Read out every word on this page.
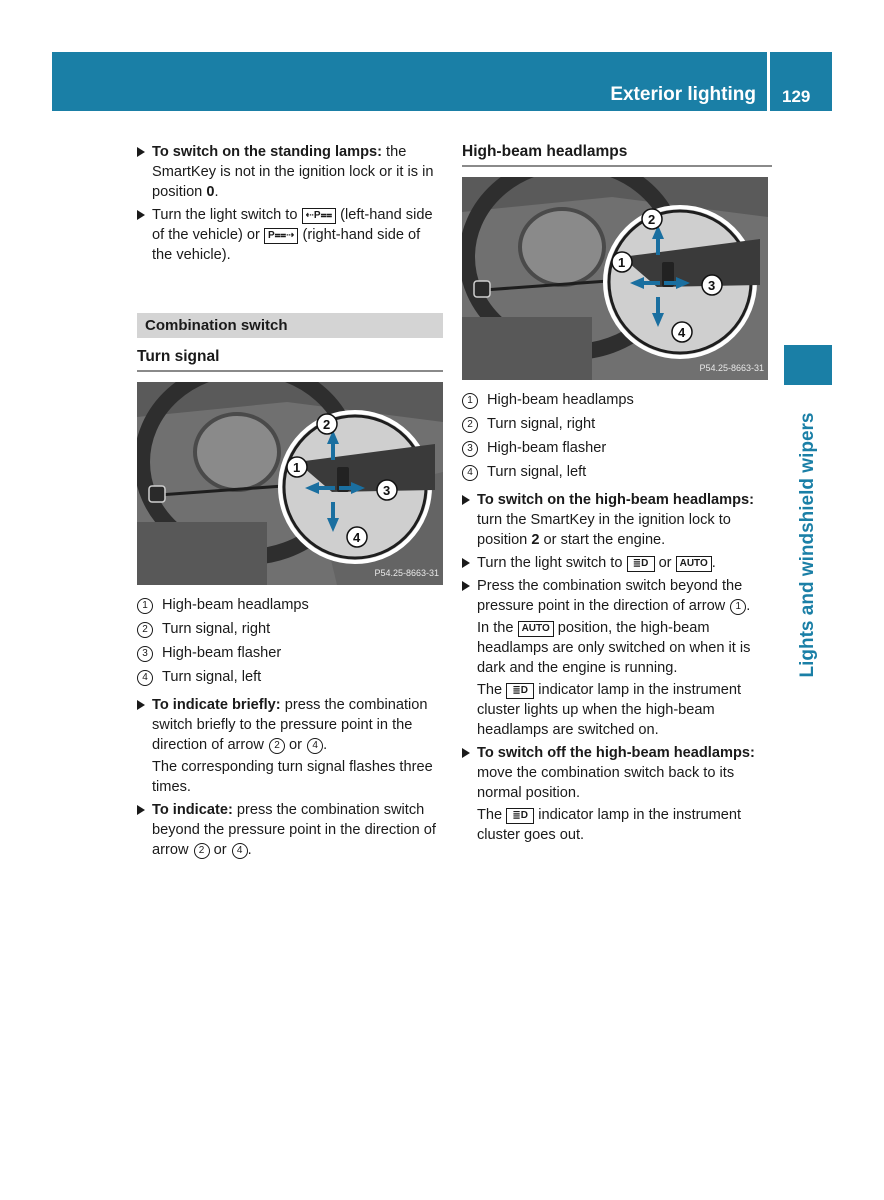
Exterior lighting 129
Lights and windshield wipers

To switch on the standing lamps: the SmartKey is not in the ignition lock or it is in position 0.

Turn the light switch to ⇠P⩵ (left-hand side of the vehicle) or P⩵⇢ (right-hand side of the vehicle).

Combination switch
Turn signal
2
1
3
4
P54.25-8663-31
1 High-beam headlamps
2 Turn signal, right
3 High-beam flasher
4 Turn signal, left

To indicate briefly: press the combination switch briefly to the pressure point in the direction of arrow 2 or 4 .

The corresponding turn signal flashes three times.

To indicate: press the combination switch beyond the pressure point in the direction of arrow 2 or 4 .

High-beam headlamps
2
1
3
4
P54.25-8663-31
1 High-beam headlamps
2 Turn signal, right
3 High-beam flasher
4 Turn signal, left

To switch on the high-beam headlamps: turn the SmartKey in the ignition lock to position 2 or start the engine.

Turn the light switch to ≣D or AUTO .

Press the combination switch beyond the pressure point in the direction of arrow 1 .

In the AUTO position, the high-beam headlamps are only switched on when it is dark and the engine is running.

The ≣D indicator lamp in the instrument cluster lights up when the high-beam headlamps are switched on.

To switch off the high-beam headlamps: move the combination switch back to its normal position.

The ≣D indicator lamp in the instrument cluster goes out.
